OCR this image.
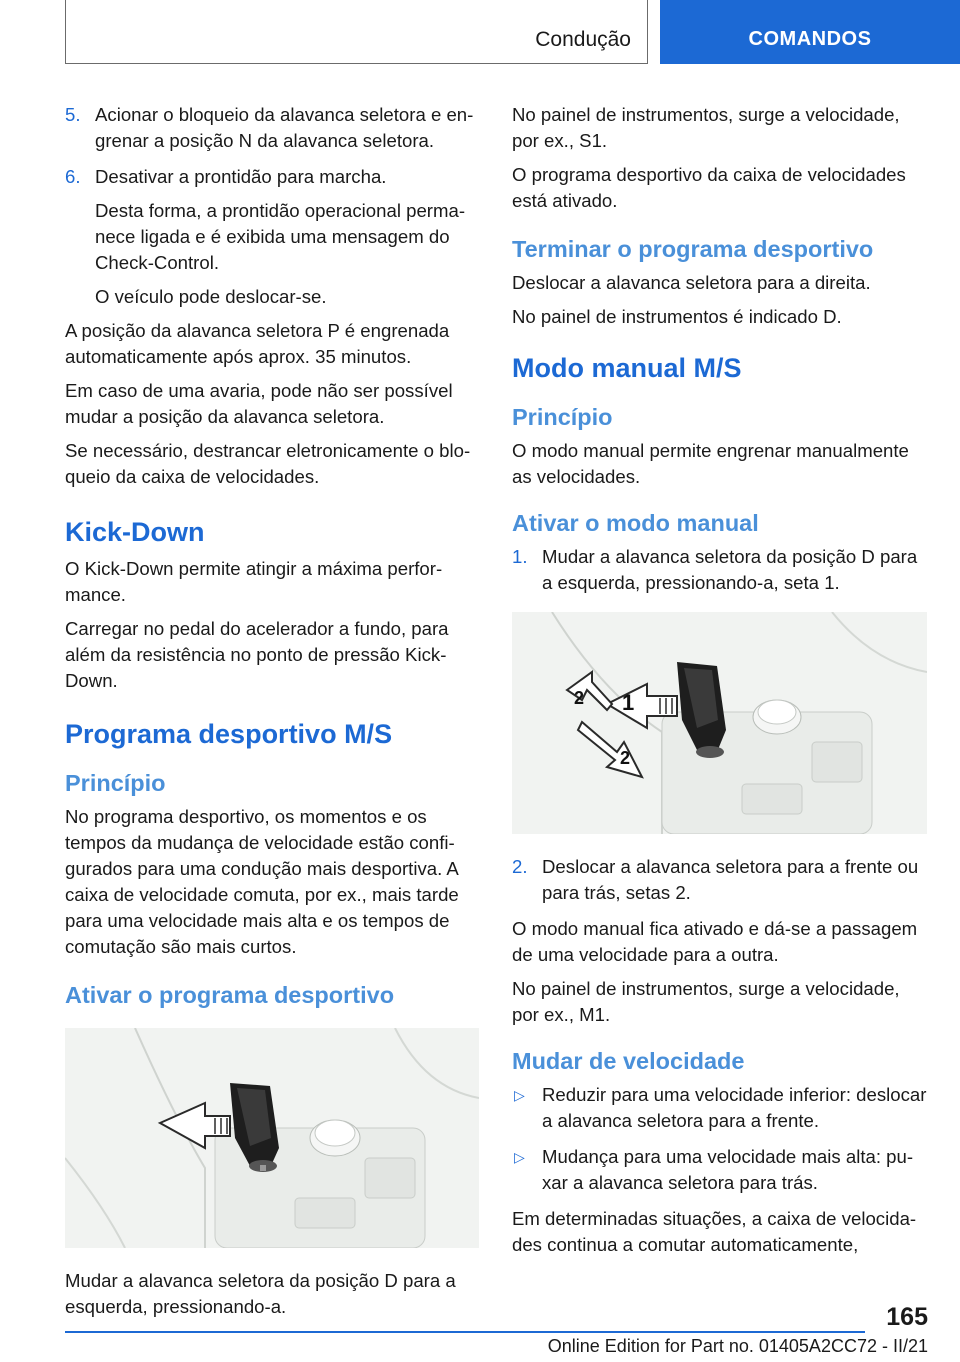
Condução	COMANDOS
5. Acionar o bloqueio da alavanca seletora e engrenar a posição N da alavanca seletora.
6. Desativar a prontidão para marcha.

Desta forma, a prontidão operacional permanece ligada e é exibida uma mensagem do Check-Control.

O veículo pode deslocar-se.

A posição da alavanca seletora P é engrenada automaticamente após aprox. 35 minutos.

Em caso de uma avaria, pode não ser possível mudar a posição da alavanca seletora.

Se necessário, destrancar eletronicamente o bloqueio da caixa de velocidades.

Kick-Down

O Kick-Down permite atingir a máxima performance.

Carregar no pedal do acelerador a fundo, para além da resistência no ponto de pressão Kick-Down.

Programa desportivo M/S
Princípio

No programa desportivo, os momentos e os tempos da mudança de velocidade estão configurados para uma condução mais desportiva. A caixa de velocidade comuta, por ex., mais tarde para uma velocidade mais alta e os tempos de comutação são mais curtos.

Ativar o programa desportivo

Mudar a alavanca seletora da posição D para a esquerda, pressionando-a.

No painel de instrumentos, surge a velocidade, por ex., S1.

O programa desportivo da caixa de velocidades está ativado.

Terminar o programa desportivo

Deslocar a alavanca seletora para a direita.

No painel de instrumentos é indicado D.

Modo manual M/S
Princípio

O modo manual permite engrenar manualmente as velocidades.

Ativar o modo manual
1. Mudar a alavanca seletora da posição D para a esquerda, pressionando-a, seta 1.
1
2
2
2. Deslocar a alavanca seletora para a frente ou para trás, setas 2.

O modo manual fica ativado e dá-se a passagem de uma velocidade para a outra.

No painel de instrumentos, surge a velocidade, por ex., M1.

Mudar de velocidade
▷ Reduzir para uma velocidade inferior: deslocar a alavanca seletora para a frente.
▷ Mudança para uma velocidade mais alta: puxar a alavanca seletora para trás.

Em determinadas situações, a caixa de velocidades continua a comutar automaticamente,

165
Online Edition for Part no. 01405A2CC72 - II/21
